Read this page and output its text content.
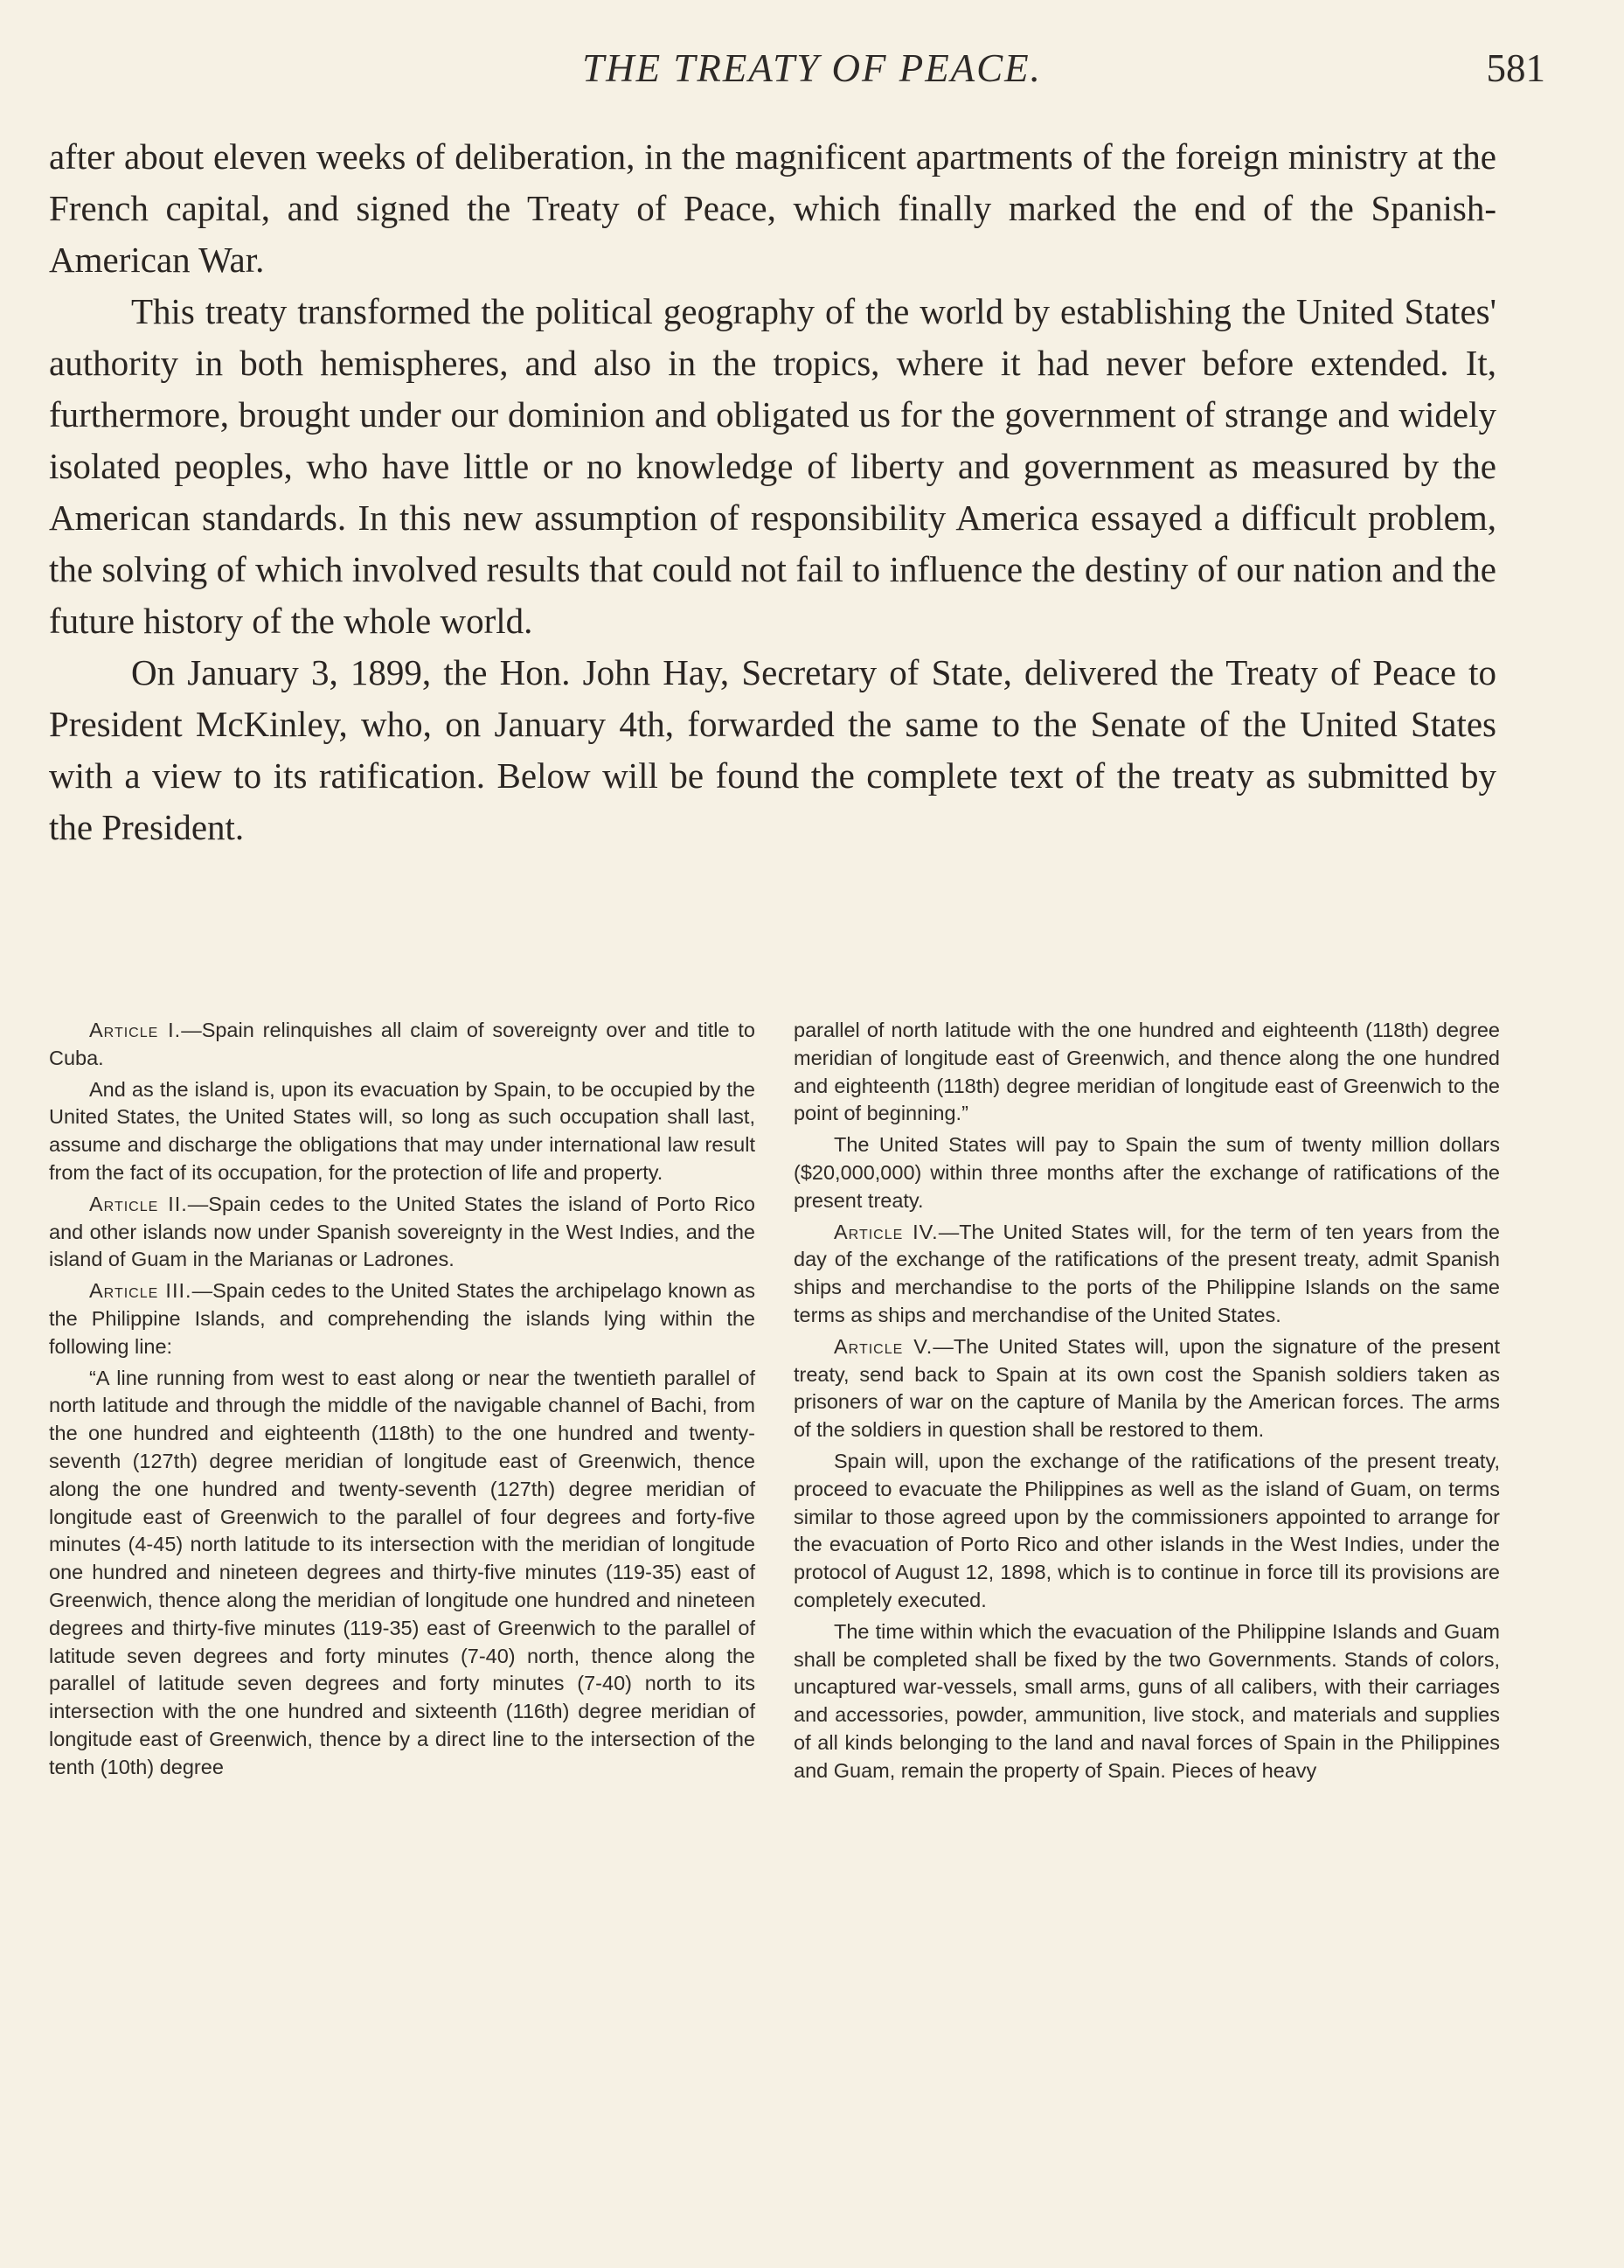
THE TREATY OF PEACE.	581

after about eleven weeks of deliberation, in the magnificent apartments of the foreign ministry at the French capital, and signed the Treaty of Peace, which finally marked the end of the Spanish-American War.

This treaty transformed the political geography of the world by establishing the United States' authority in both hemispheres, and also in the tropics, where it had never before extended. It, furthermore, brought under our dominion and obligated us for the government of strange and widely isolated peoples, who have little or no knowledge of liberty and government as measured by the American standards. In this new assumption of responsibility America essayed a difficult problem, the solving of which involved results that could not fail to influence the destiny of our nation and the future history of the whole world.

On January 3, 1899, the Hon. John Hay, Secretary of State, delivered the Treaty of Peace to President McKinley, who, on January 4th, forwarded the same to the Senate of the United States with a view to its ratification. Below will be found the complete text of the treaty as submitted by the President.

Article I.—Spain relinquishes all claim of sovereignty over and title to Cuba.

And as the island is, upon its evacuation by Spain, to be occupied by the United States, the United States will, so long as such occupation shall last, assume and discharge the obligations that may under international law result from the fact of its occupation, for the protection of life and property.

Article II.—Spain cedes to the United States the island of Porto Rico and other islands now under Spanish sovereignty in the West Indies, and the island of Guam in the Marianas or Ladrones.

Article III.—Spain cedes to the United States the archipelago known as the Philippine Islands, and comprehending the islands lying within the following line:

“A line running from west to east along or near the twentieth parallel of north latitude and through the middle of the navigable channel of Bachi, from the one hundred and eighteenth (118th) to the one hundred and twenty-seventh (127th) degree meridian of longitude east of Greenwich, thence along the one hundred and twenty-seventh (127th) degree meridian of longitude east of Greenwich to the parallel of four degrees and forty-five minutes (4-45) north latitude to its intersection with the meridian of longitude one hundred and nineteen degrees and thirty-five minutes (119-35) east of Greenwich, thence along the meridian of longitude one hundred and nineteen degrees and thirty-five minutes (119-35) east of Greenwich to the parallel of latitude seven degrees and forty minutes (7-40) north, thence along the parallel of latitude seven degrees and forty minutes (7-40) north to its intersection with the one hundred and sixteenth (116th) degree meridian of longitude east of Greenwich, thence by a direct line to the intersection of the tenth (10th) degree

parallel of north latitude with the one hundred and eighteenth (118th) degree meridian of longitude east of Greenwich, and thence along the one hundred and eighteenth (118th) degree meridian of longitude east of Greenwich to the point of beginning.”

The United States will pay to Spain the sum of twenty million dollars ($20,000,000) within three months after the exchange of ratifications of the present treaty.

Article IV.—The United States will, for the term of ten years from the day of the exchange of the ratifications of the present treaty, admit Spanish ships and merchandise to the ports of the Philippine Islands on the same terms as ships and merchandise of the United States.

Article V.—The United States will, upon the signature of the present treaty, send back to Spain at its own cost the Spanish soldiers taken as prisoners of war on the capture of Manila by the American forces. The arms of the soldiers in question shall be restored to them.

Spain will, upon the exchange of the ratifications of the present treaty, proceed to evacuate the Philippines as well as the island of Guam, on terms similar to those agreed upon by the commissioners appointed to arrange for the evacuation of Porto Rico and other islands in the West Indies, under the protocol of August 12, 1898, which is to continue in force till its provisions are completely executed.

The time within which the evacuation of the Philippine Islands and Guam shall be completed shall be fixed by the two Governments. Stands of colors, uncaptured war-vessels, small arms, guns of all calibers, with their carriages and accessories, powder, ammunition, live stock, and materials and supplies of all kinds belonging to the land and naval forces of Spain in the Philippines and Guam, remain the property of Spain. Pieces of heavy
